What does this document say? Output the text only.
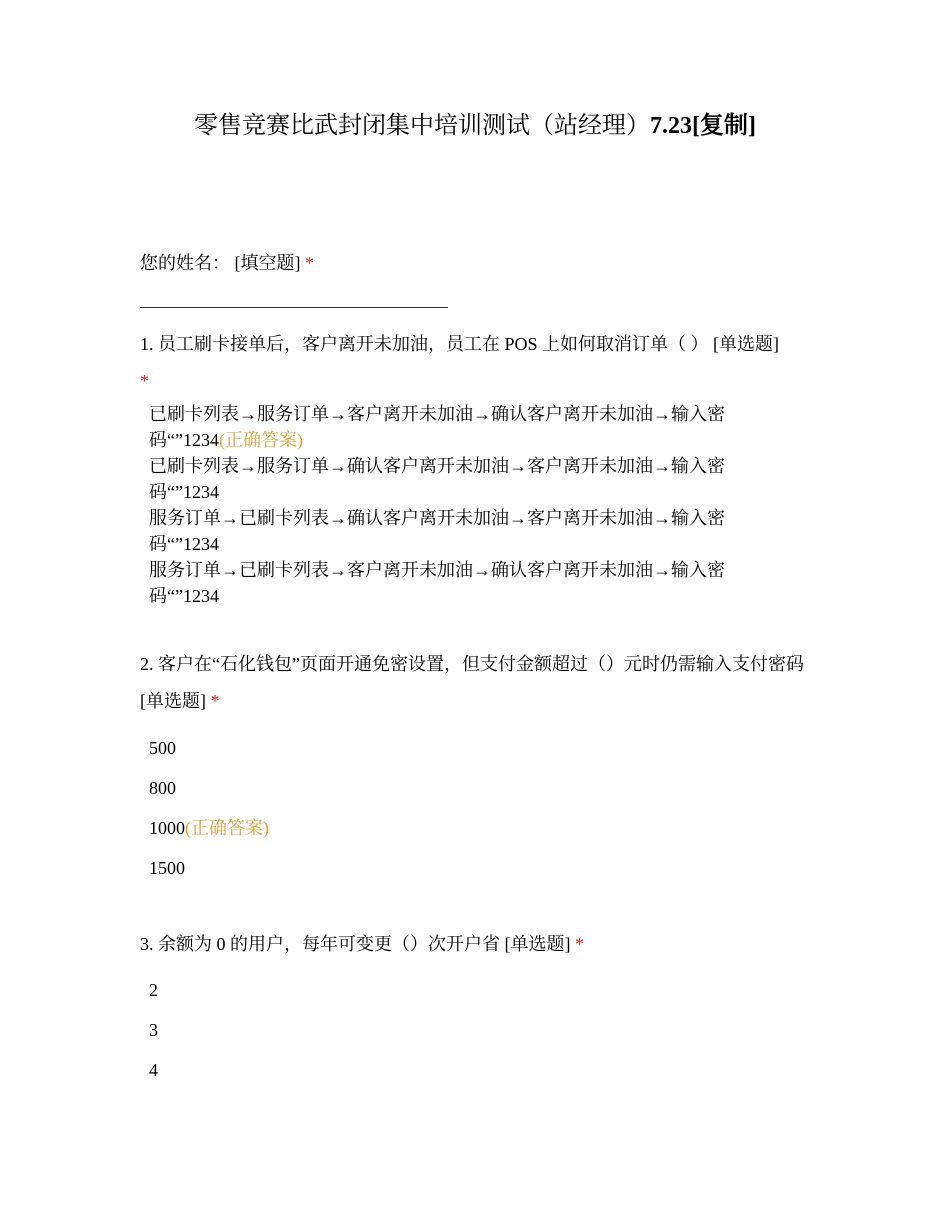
零售竞赛比武封闭集中培训测试（站经理）7.23[复制]
您的姓名： [填空题] *
1. 员工刷卡接单后，客户离开未加油，员工在 POS 上如何取消订单（ ） [单选题]
*
已刷卡列表→服务订单→客户离开未加油→确认客户离开未加油→输入密
码“”1234(正确答案)
已刷卡列表→服务订单→确认客户离开未加油→客户离开未加油→输入密
码“”1234
服务订单→已刷卡列表→确认客户离开未加油→客户离开未加油→输入密
码“”1234
服务订单→已刷卡列表→客户离开未加油→确认客户离开未加油→输入密
码“”1234
2. 客户在“石化钱包”页面开通免密设置，但支付金额超过（）元时仍需输入支付密码 [单选题] *
500
800
1000(正确答案)
1500
3. 余额为 0 的用户，每年可变更（）次开户省 [单选题] *
2
3
4
